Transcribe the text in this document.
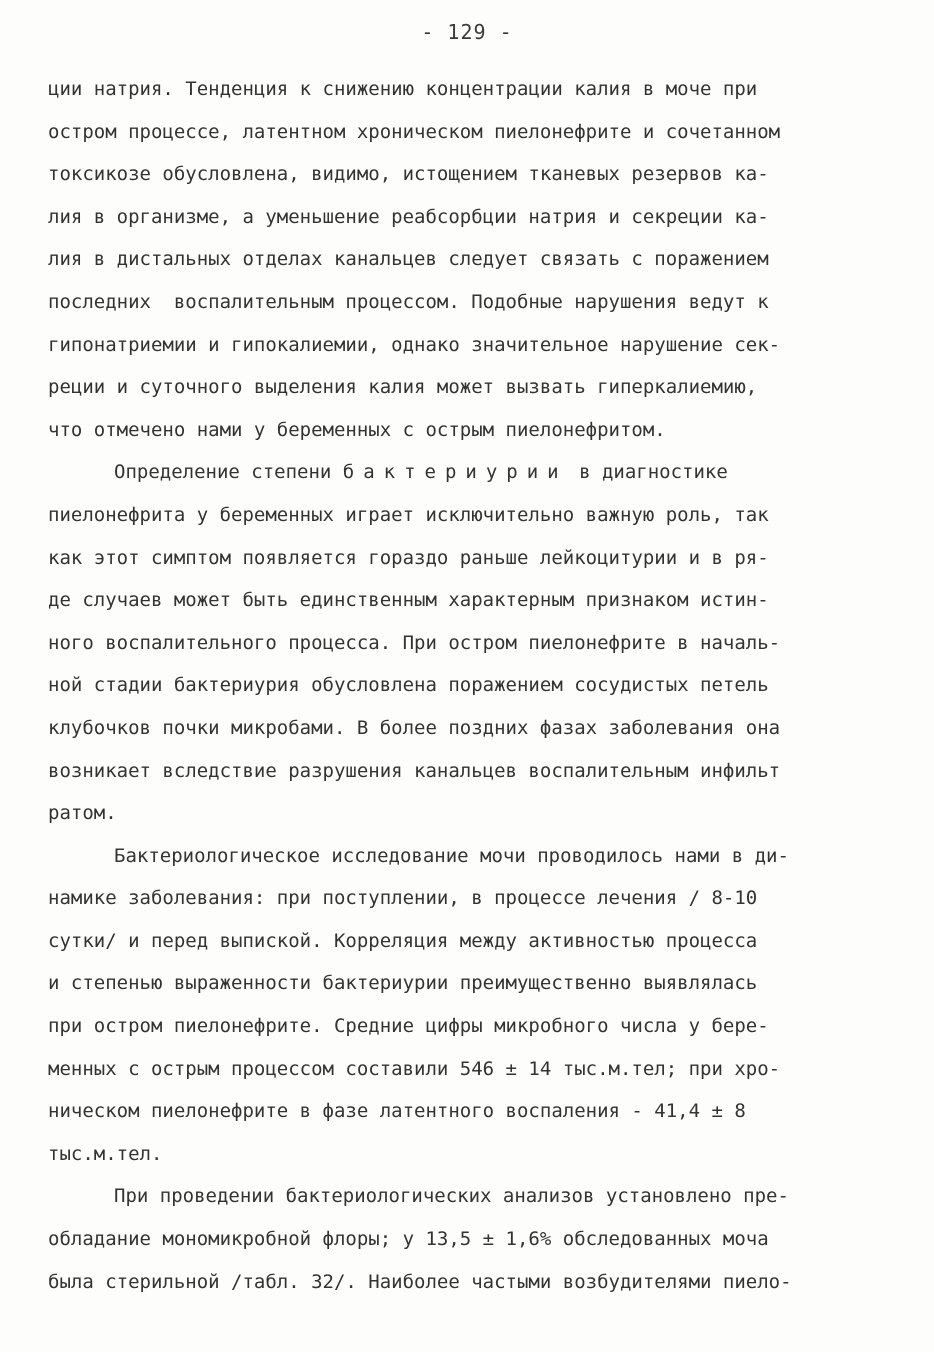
- 129 -
ции натрия. Тенденция к снижению концентрации калия в моче при
остром процессе, латентном хроническом пиелонефрите и сочетанном
токсикозе обусловлена, видимо, истощением тканевых резервов ка-
лия в организме, а уменьшение реабсорбции натрия и секреции ка-
лия в дистальных отделах канальцев следует связать с поражением
последних  воспалительным процессом. Подобные нарушения ведут к
гипонатриемии и гипокалиемии, однако значительное нарушение сек-
реции и суточного выделения калия может вызвать гиперкалиемию,
что отмечено нами у беременных с острым пиелонефритом.
Определение степени бактериурии в диагностике
пиелонефрита у беременных играет исключительно важную роль, так
как этот симптом появляется гораздо раньше лейкоцитурии и в ря-
де случаев может быть единственным характерным признаком истин-
ного воспалительного процесса. При остром пиелонефрите в началь-
ной стадии бактериурия обусловлена поражением сосудистых петель
клубочков почки микробами. В более поздних фазах заболевания она
возникает вследствие разрушения канальцев воспалительным инфильт
ратом.
Бактериологическое исследование мочи проводилось нами в ди-
намике заболевания: при поступлении, в процессе лечения / 8-10
сутки/ и перед выпиской. Корреляция между активностью процесса
и степенью выраженности бактериурии преимущественно выявлялась
при остром пиелонефрите. Средние цифры микробного числа у бере-
менных с острым процессом составили 546 ± 14 тыс.м.тел; при хро-
ническом пиелонефрите в фазе латентного воспаления - 41,4 ± 8
тыс.м.тел.
При проведении бактериологических анализов установлено пре-
обладание мономикробной флоры; у 13,5 ± 1,6% обследованных моча
была стерильной /табл. 32/. Наиболее частыми возбудителями пиело-
